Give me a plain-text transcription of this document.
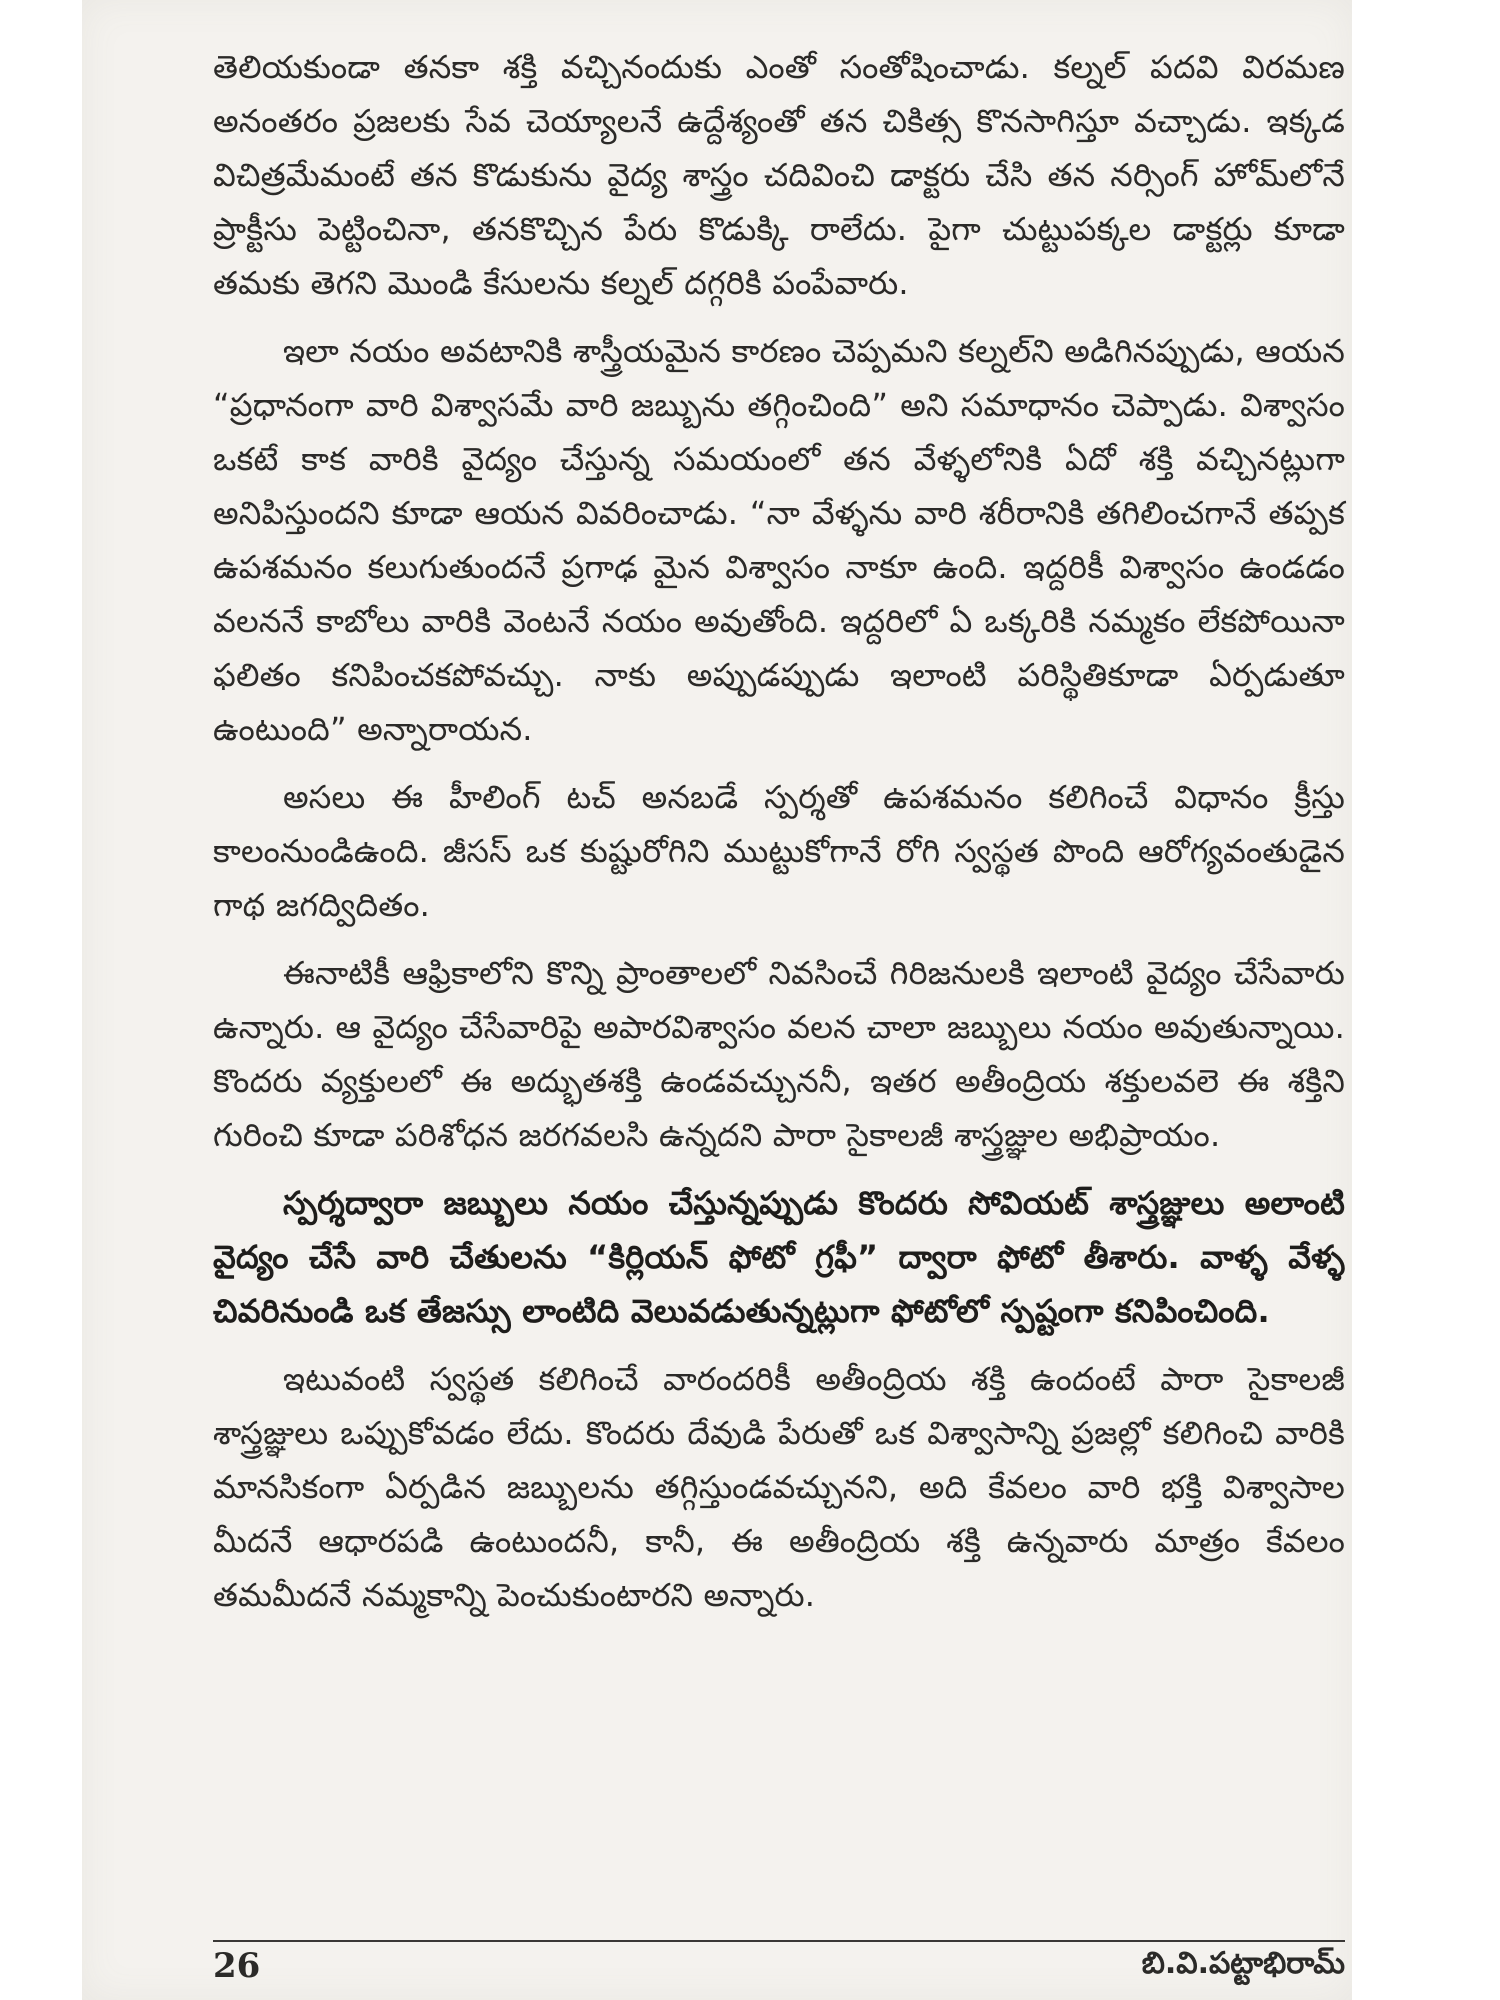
తెలియకుండా తనకా శక్తి వచ్చినందుకు ఎంతో సంతోషించాడు. కల్నల్ పదవి విరమణ అనంతరం ప్రజలకు సేవ చెయ్యాలనే ఉద్దేశ్యంతో తన చికిత్స కొనసాగిస్తూ వచ్చాడు. ఇక్కడ విచిత్రమేమంటే తన కొడుకును వైద్య శాస్త్రం చదివించి డాక్టరు చేసి తన నర్సింగ్ హోమ్‌లోనే ప్రాక్టీసు పెట్టించినా, తనకొచ్చిన పేరు కొడుక్కి రాలేదు. పైగా చుట్టుపక్కల డాక్టర్లు కూడా తమకు తెగని మొండి కేసులను కల్నల్ దగ్గరికి పంపేవారు.

ఇలా నయం అవటానికి శాస్త్రీయమైన కారణం చెప్పమని కల్నల్‌ని అడిగినప్పుడు, ఆయన “ప్రధానంగా వారి విశ్వాసమే వారి జబ్బును తగ్గించింది” అని సమాధానం చెప్పాడు. విశ్వాసం ఒకటే కాక వారికి వైద్యం చేస్తున్న సమయంలో తన వేళ్ళలోనికి ఏదో శక్తి వచ్చినట్లుగా అనిపిస్తుందని కూడా ఆయన వివరించాడు. “నా వేళ్ళను వారి శరీరానికి తగిలించగానే తప్పక ఉపశమనం కలుగుతుందనే ప్రగాఢ మైన విశ్వాసం నాకూ ఉంది. ఇద్దరికీ విశ్వాసం ఉండడం వలననే కాబోలు వారికి వెంటనే నయం అవుతోంది. ఇద్దరిలో ఏ ఒక్కరికి నమ్మకం లేకపోయినా ఫలితం కనిపించకపోవచ్చు. నాకు అప్పుడప్పుడు ఇలాంటి పరిస్థితికూడా ఏర్పడుతూ ఉంటుంది” అన్నారాయన.

అసలు ఈ హీలింగ్ టచ్ అనబడే స్పర్శతో ఉపశమనం కలిగించే విధానం క్రీస్తు కాలంనుండిఉంది. జీసస్ ఒక కుష్టురోగిని ముట్టుకోగానే రోగి స్వస్థత పొంది ఆరోగ్యవంతుడైన గాథ జగద్విదితం.

ఈనాటికీ ఆఫ్రికాలోని కొన్ని ప్రాంతాలలో నివసించే గిరిజనులకి ఇలాంటి వైద్యం చేసేవారు ఉన్నారు. ఆ వైద్యం చేసేవారిపై అపారవిశ్వాసం వలన చాలా జబ్బులు నయం అవుతున్నాయి. కొందరు వ్యక్తులలో ఈ అద్భుతశక్తి ఉండవచ్చుననీ, ఇతర అతీంద్రియ శక్తులవలె ఈ శక్తిని గురించి కూడా పరిశోధన జరగవలసి ఉన్నదని పారా సైకాలజీ శాస్త్రజ్ఞుల అభిప్రాయం.

స్పర్శద్వారా జబ్బులు నయం చేస్తున్నప్పుడు కొందరు సోవియట్ శాస్త్రజ్ఞులు అలాంటి వైద్యం చేసే వారి చేతులను “కిర్లియన్ ఫోటో గ్రఫీ” ద్వారా ఫోటో తీశారు. వాళ్ళ వేళ్ళ చివరినుండి ఒక తేజస్సు లాంటిది వెలువడుతున్నట్లుగా ఫోటోలో స్పష్టంగా కనిపించింది.

ఇటువంటి స్వస్థత కలిగించే వారందరికీ అతీంద్రియ శక్తి ఉందంటే పారా సైకాలజీ శాస్త్రజ్ఞులు ఒప్పుకోవడం లేదు. కొందరు దేవుడి పేరుతో ఒక విశ్వాసాన్ని ప్రజల్లో కలిగించి వారికి మానసికంగా ఏర్పడిన జబ్బులను తగ్గిస్తుండవచ్చునని, అది కేవలం వారి భక్తి విశ్వాసాల మీదనే ఆధారపడి ఉంటుందనీ, కానీ, ఈ అతీంద్రియ శక్తి ఉన్నవారు మాత్రం కేవలం తమమీదనే నమ్మకాన్ని పెంచుకుంటారని అన్నారు.

26	బి.వి.పట్టాభిరామ్
